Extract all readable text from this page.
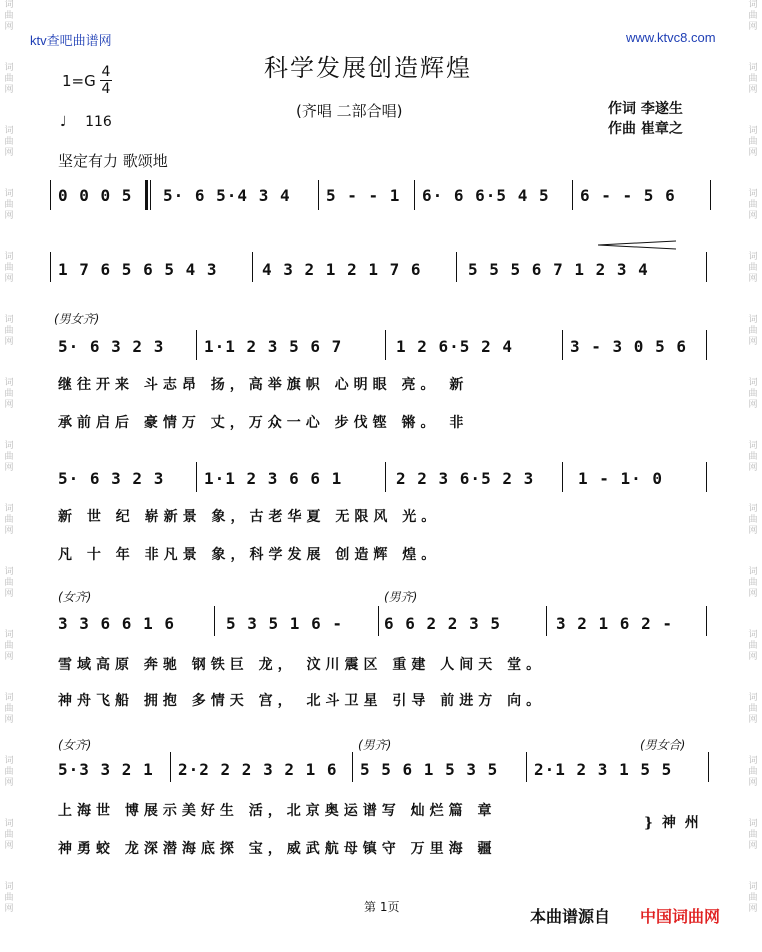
词
曲
网
词
曲
网
词
曲
网
词
曲
网
词
曲
网
词
曲
网
词
曲
网
词
曲
网
词
曲
网
词
曲
网
词
曲
网
词
曲
网
词
曲
网
词
曲
网
词
曲
网
词
曲
网
词
曲
网
词
曲
网
词
曲
网
词
曲
网
词
曲
网
词
曲
网
词
曲
网
词
曲
网
词
曲
网
词
曲
网
词
曲
网
词
曲
网
词
曲
网
词
曲
网
ktv查吧曲谱网	www.ktvc8.com
科学发展创造辉煌
1=G 4
4
♩ 116
(齐唱 二部合唱)	作词 李遂生
作曲 崔章之
坚定有力 歌颂地
0 0 0 5 5· 6 5·4 3 4 5 - - 1 6· 6 6·5 4 5 6 - - 5 6
1 7 6 5 6 5 4 3	4 3 2 1 2 1 7 6	5 5 5 6 7 1 2 3 4
(男女齐)
5· 6 3 2 3 1·1 2 3 5 6 7	1 2 6·5 2 4	3 - 3 0 5 6
继往开来 斗志昂 扬，高举旗帜 心明眼 亮。 新
承前启后 豪情万 丈，万众一心 步伐铿 锵。 非
5· 6 3 2 3 1·1 2 3 6 6 1	2 2 3 6·5 2 3	1 - 1· 0
新 世 纪 崭新景 象，古老华夏 无限风 光。
凡 十 年 非凡景 象，科学发展 创造辉 煌。
(女齐)	(男齐)
3 3 6 6 1 6	5 3 5 1 6 -	6 6 2 2 3 5	3 2 1 6 2 -
雪域高原 奔驰 钢铁巨 龙， 汶川震区 重建 人间天 堂。
神舟飞船 拥抱 多情天 宫， 北斗卫星 引导 前进方 向。
(女齐)	(男齐)	(男女合)
5·3 3 2 1 2·2 2 2 3 2 1 6 5 5 6 1 5 3 5 2·1 2 3 1 5 5
上海世 博展示美好生 活，北京奥运谱写 灿烂篇 章
} 神 州
神勇蛟 龙深潜海底探 宝，威武航母镇守 万里海 疆
第 1页	本曲谱源自 中国词曲网
